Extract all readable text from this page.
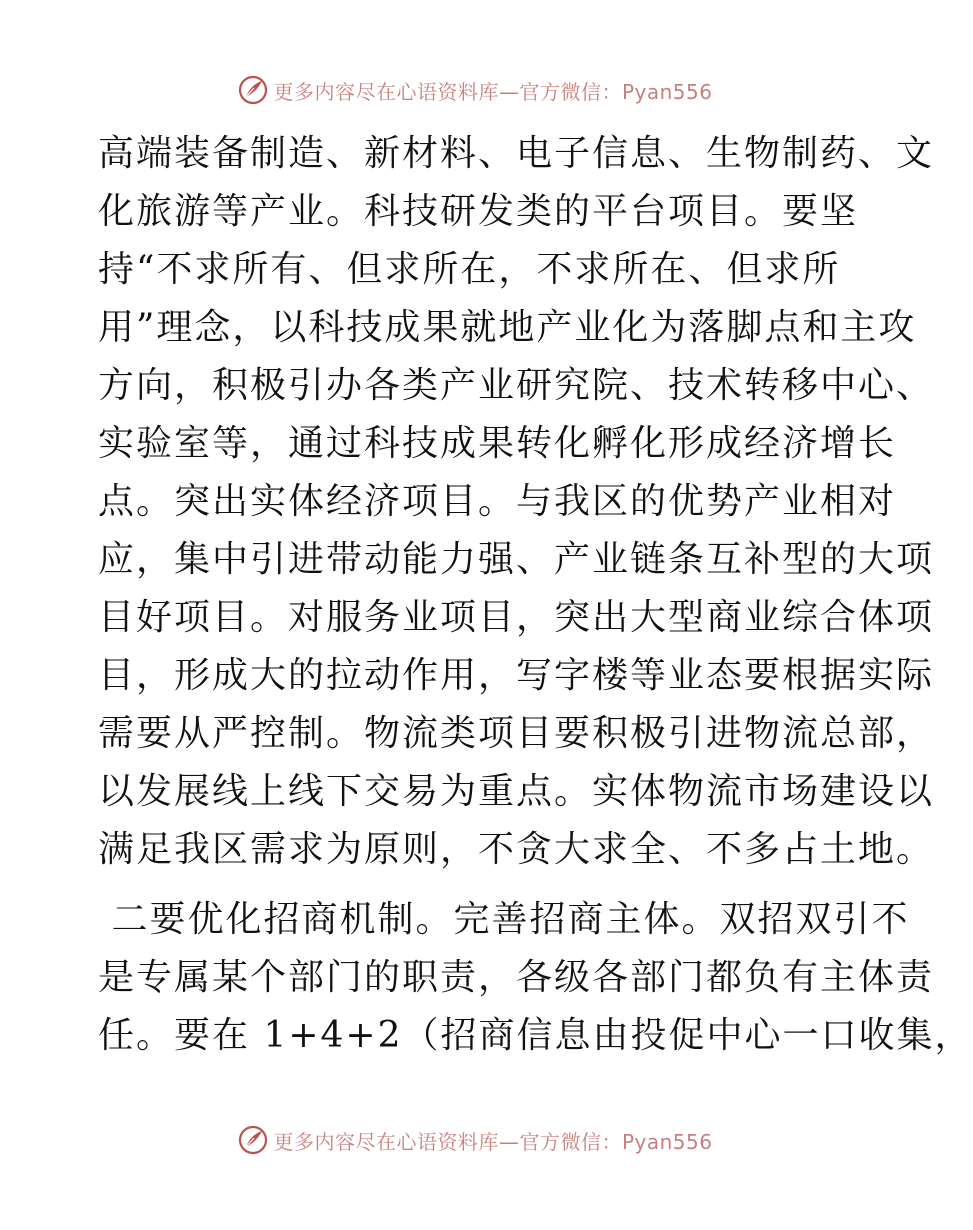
更多内容尽在心语资料库—官方微信：Pyan556
高端装备制造、新材料、电子信息、生物制药、文
化旅游等产业。科技研发类的平台项目。要坚
持“不求所有、但求所在，不求所在、但求所
用”理念，以科技成果就地产业化为落脚点和主攻
方向，积极引办各类产业研究院、技术转移中心、
实验室等，通过科技成果转化孵化形成经济增长
点。突出实体经济项目。与我区的优势产业相对
应，集中引进带动能力强、产业链条互补型的大项
目好项目。对服务业项目，突出大型商业综合体项
目，形成大的拉动作用，写字楼等业态要根据实际
需要从严控制。物流类项目要积极引进物流总部，
以发展线上线下交易为重点。实体物流市场建设以
满足我区需求为原则，不贪大求全、不多占土地。
二要优化招商机制。完善招商主体。双招双引不
是专属某个部门的职责，各级各部门都负有主体责
任。要在 1+4+2（招商信息由投促中心一口收集，
更多内容尽在心语资料库—官方微信：Pyan556
